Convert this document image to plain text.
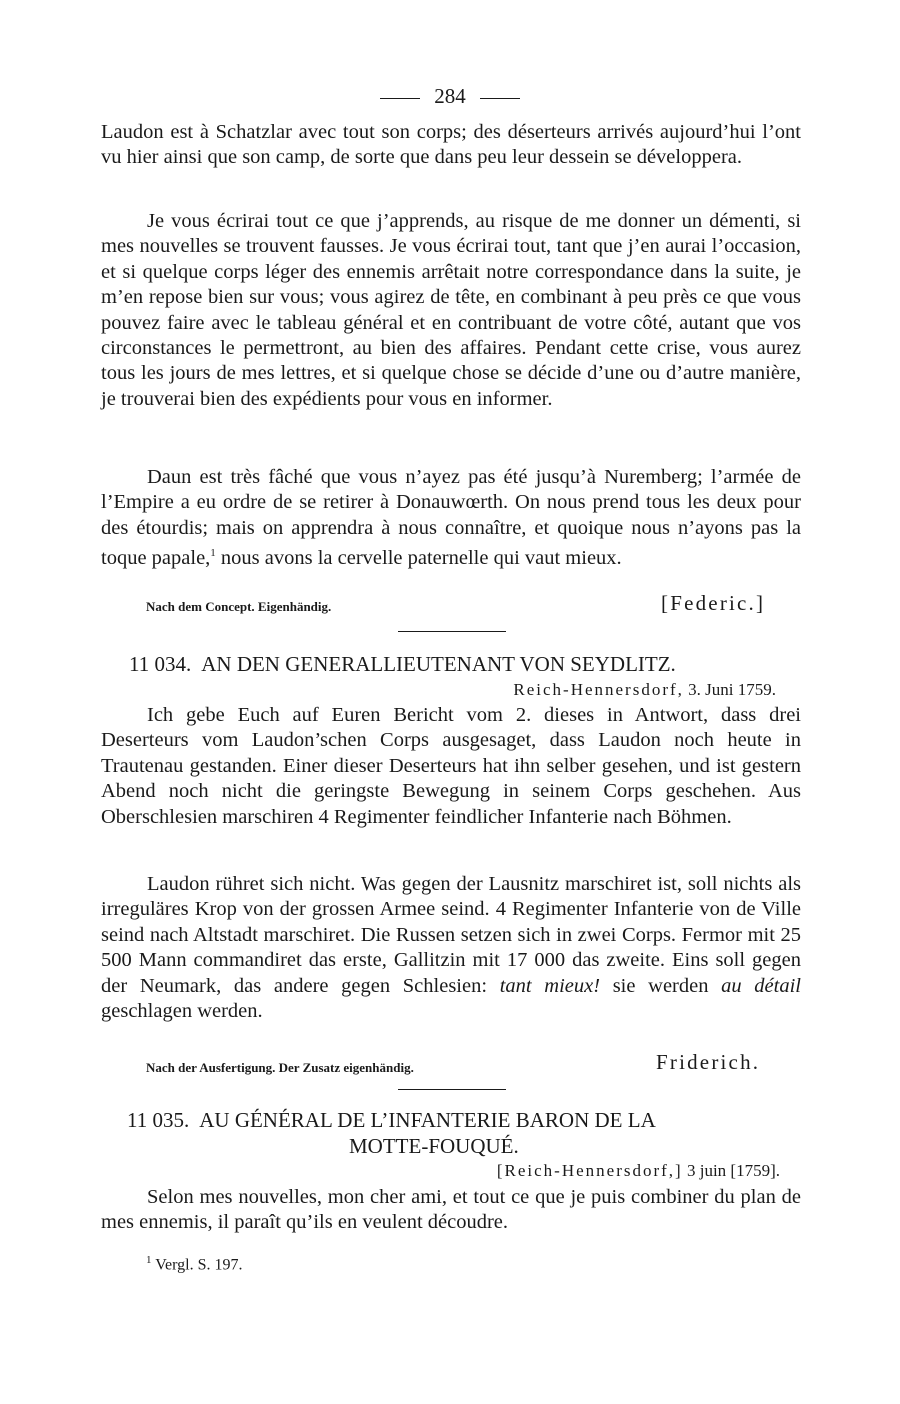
284

Laudon est à Schatzlar avec tout son corps; des déserteurs arrivés aujourd’hui l’ont vu hier ainsi que son camp, de sorte que dans peu leur dessein se développera.

Je vous écrirai tout ce que j’apprends, au risque de me donner un démenti, si mes nouvelles se trouvent fausses. Je vous écrirai tout, tant que j’en aurai l’occasion, et si quelque corps léger des ennemis arrêtait notre correspondance dans la suite, je m’en repose bien sur vous; vous agirez de tête, en combinant à peu près ce que vous pouvez faire avec le tableau général et en contribuant de votre côté, autant que vos circonstances le permettront, au bien des affaires. Pendant cette crise, vous aurez tous les jours de mes lettres, et si quelque chose se décide d’une ou d’autre manière, je trouverai bien des expédients pour vous en informer.

Daun est très fâché que vous n’ayez pas été jusqu’à Nuremberg; l’armée de l’Empire a eu ordre de se retirer à Donauwœrth. On nous prend tous les deux pour des étourdis; mais on apprendra à nous connaître, et quoique nous n’ayons pas la toque papale,$^1$ nous avons la cervelle paternelle qui vaut mieux.

Nach dem Concept. Eigenhändig.	[Federic.]
11 034. AN DEN GENERALLIEUTENANT VON SEYDLITZ.
Reich-Hennersdorf, 3. Juni 1759.

Ich gebe Euch auf Euren Bericht vom 2. dieses in Antwort, dass drei Deserteurs vom Laudon’schen Corps ausgesaget, dass Laudon noch heute in Trautenau gestanden. Einer dieser Deserteurs hat ihn selber gesehen, und ist gestern Abend noch nicht die geringste Bewegung in seinem Corps geschehen. Aus Oberschlesien marschiren 4 Regimenter feindlicher Infanterie nach Böhmen.

Laudon rühret sich nicht. Was gegen der Lausnitz marschiret ist, soll nichts als irreguläres Krop von der grossen Armee seind. 4 Regimenter Infanterie von de Ville seind nach Altstadt marschiret. Die Russen setzen sich in zwei Corps. Fermor mit 25 500 Mann commandiret das erste, Gallitzin mit 17 000 das zweite. Eins soll gegen der Neumark, das andere gegen Schlesien: tant mieux! sie werden au détail geschlagen werden.

Nach der Ausfertigung. Der Zusatz eigenhändig.	Friderich.
11 035. AU GÉNÉRAL DE L’INFANTERIE BARON DE LA
MOTTE-FOUQUÉ.
[Reich-Hennersdorf,] 3 juin [1759].

Selon mes nouvelles, mon cher ami, et tout ce que je puis combiner du plan de mes ennemis, il paraît qu’ils en veulent découdre.

$^1$ Vergl. S. 197.
